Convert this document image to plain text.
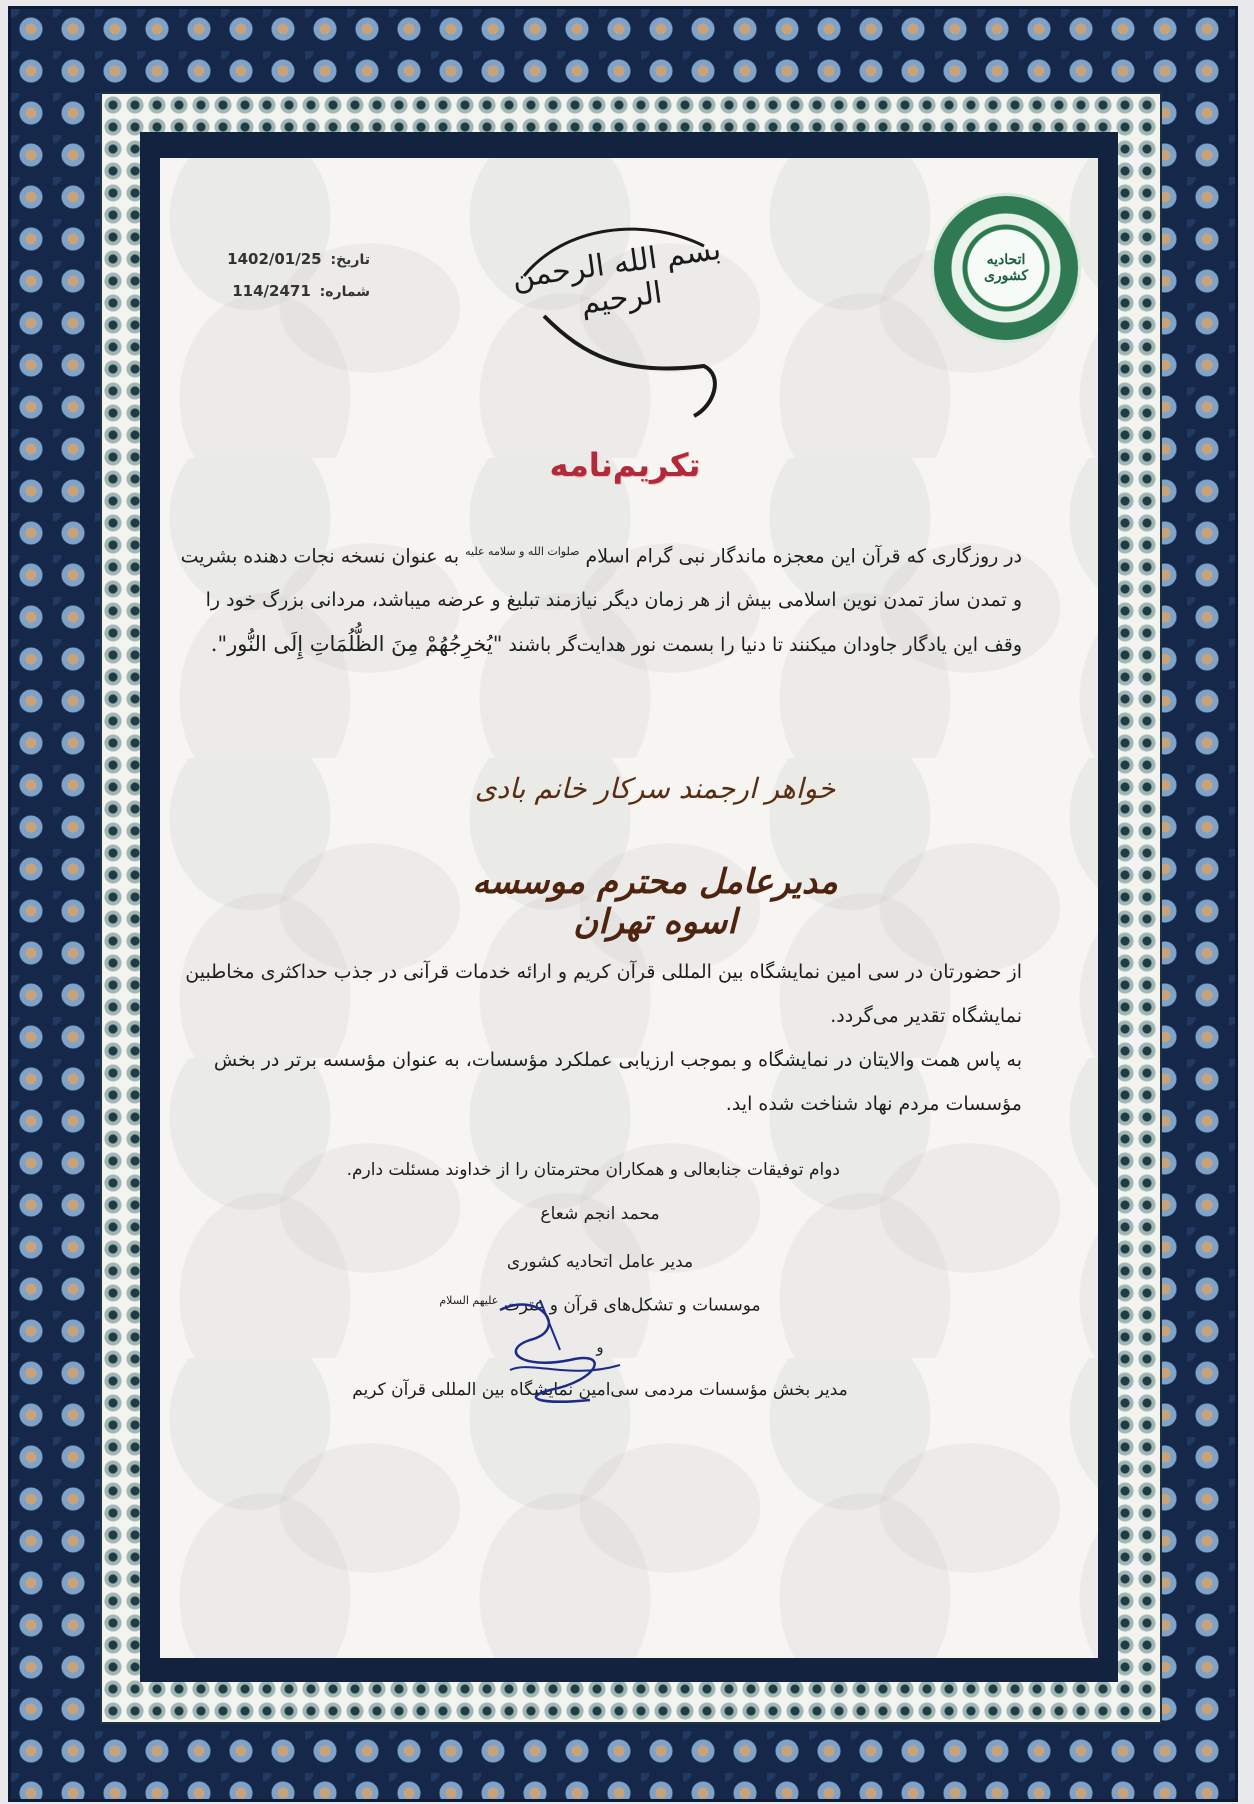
اتحادیه کشوری
تاریخ: 1402/01/25
شماره: 114/2471	بسم الله الرحمن الرحیم
تکریم‌نامه
در روزگاری که قرآن این معجزه ماندگار نبی گرام اسلام $^{صلوات الله و سلامه علیه}$ به عنوان نسخه نجات دهنده بشریت و تمدن ساز تمدن نوین اسلامی بیش از هر زمان دیگر نیازمند تبلیغ و عرضه میباشد، مردانی بزرگ خود را وقف این یادگار جاودان میکنند تا دنیا را بسمت نور هدایت‌گر باشند "یُخرِجُهُمْ مِنَ الظُّلُمَاتِ إِلَى النُّور".
خواهر ارجمند سرکار خانم بادی
مدیرعامل محترم موسسه اسوه تهران
از حضورتان در سی امین نمایشگاه بین المللی قرآن کریم و ارائه خدمات قرآنی در جذب حداکثری مخاطبین نمایشگاه تقدیر می‌گردد.
به پاس همت والایتان در نمایشگاه و بموجب ارزیابی عملکرد مؤسسات، به عنوان مؤسسه برتر در بخش مؤسسات مردم نهاد شناخت شده اید.
دوام توفیقات جنابعالی و همکاران محترمتان را از خداوند مسئلت دارم.
محمد انجم شعاع
مدیر عامل اتحادیه کشوری
موسسات و تشکل‌های قرآن و عترت $^{علیهم السلام}$
و
مدیر بخش مؤسسات مردمی سی‌امین نمایشگاه بین المللی قرآن کریم
